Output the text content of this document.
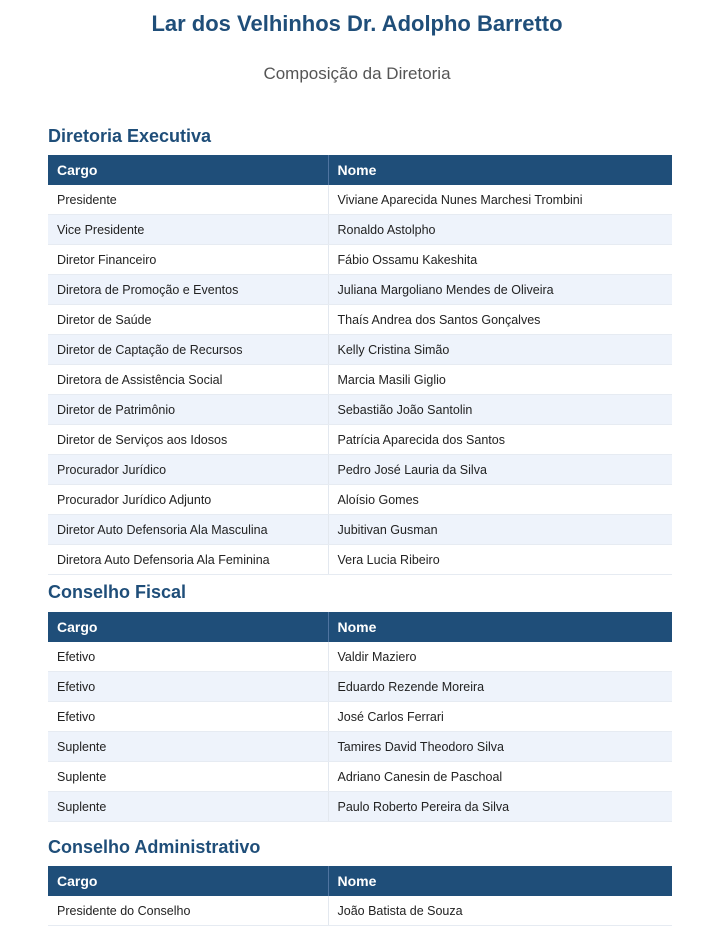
Lar dos Velhinhos Dr. Adolpho Barretto
Composição da Diretoria
Diretoria Executiva
Cargo	Nome
Presidente	Viviane Aparecida Nunes Marchesi Trombini
Vice Presidente	Ronaldo Astolpho
Diretor Financeiro	Fábio Ossamu Kakeshita
Diretora de Promoção e Eventos	Juliana Margoliano Mendes de Oliveira
Diretor de Saúde	Thaís Andrea dos Santos Gonçalves
Diretor de Captação de Recursos	Kelly Cristina Simão
Diretora de Assistência Social	Marcia Masili Giglio
Diretor de Patrimônio	Sebastião João Santolin
Diretor de Serviços aos Idosos	Patrícia Aparecida dos Santos
Procurador Jurídico	Pedro José Lauria da Silva
Procurador Jurídico Adjunto	Aloísio Gomes
Diretor Auto Defensoria Ala Masculina	Jubitivan Gusman
Diretora Auto Defensoria Ala Feminina	Vera Lucia Ribeiro
Conselho Fiscal
Cargo	Nome
Efetivo	Valdir Maziero
Efetivo	Eduardo Rezende Moreira
Efetivo	José Carlos Ferrari
Suplente	Tamires David Theodoro Silva
Suplente	Adriano Canesin de Paschoal
Suplente	Paulo Roberto Pereira da Silva
Conselho Administrativo
Cargo	Nome
Presidente do Conselho	João Batista de Souza
